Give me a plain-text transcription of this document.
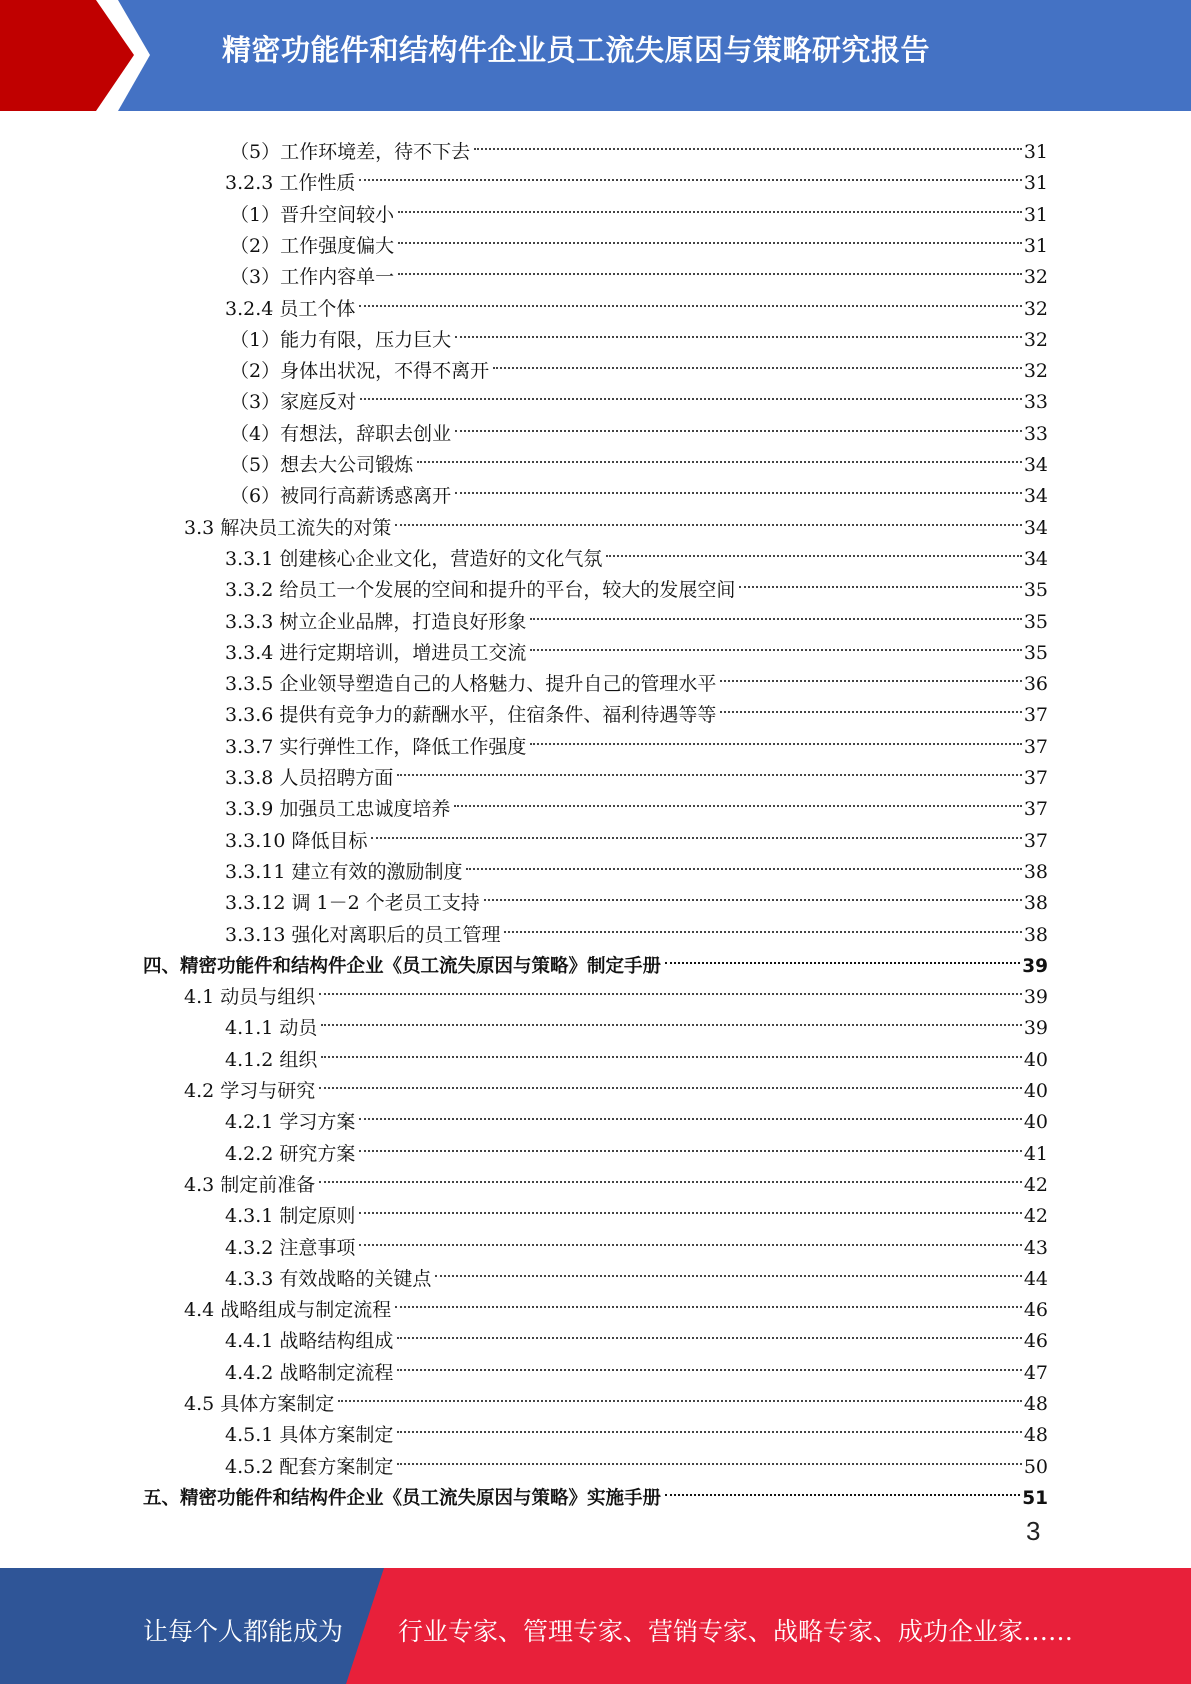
精密功能件和结构件企业员工流失原因与策略研究报告
（5）工作环境差，待不下去	31
3.2.3 工作性质	31
（1）晋升空间较小	31
（2）工作强度偏大	31
（3）工作内容单一	32
3.2.4 员工个体	32
（1）能力有限，压力巨大	32
（2）身体出状况，不得不离开	32
（3）家庭反对	33
（4）有想法，辞职去创业	33
（5）想去大公司锻炼	34
（6）被同行高薪诱惑离开	34
3.3 解决员工流失的对策	34
3.3.1 创建核心企业文化，营造好的文化气氛	34
3.3.2 给员工一个发展的空间和提升的平台，较大的发展空间	35
3.3.3 树立企业品牌，打造良好形象	35
3.3.4 进行定期培训，增进员工交流	35
3.3.5 企业领导塑造自己的人格魅力、提升自己的管理水平	36
3.3.6 提供有竞争力的薪酬水平，住宿条件、福利待遇等等	37
3.3.7 实行弹性工作，降低工作强度	37
3.3.8 人员招聘方面	37
3.3.9 加强员工忠诚度培养	37
3.3.10 降低目标	37
3.3.11 建立有效的激励制度	38
3.3.12 调 1－2 个老员工支持	38
3.3.13 强化对离职后的员工管理	38
四、精密功能件和结构件企业《员工流失原因与策略》制定手册	39
4.1 动员与组织	39
4.1.1 动员	39
4.1.2 组织	40
4.2 学习与研究	40
4.2.1 学习方案	40
4.2.2 研究方案	41
4.3 制定前准备	42
4.3.1 制定原则	42
4.3.2 注意事项	43
4.3.3 有效战略的关键点	44
4.4 战略组成与制定流程	46
4.4.1 战略结构组成	46
4.4.2 战略制定流程	47
4.5 具体方案制定	48
4.5.1 具体方案制定	48
4.5.2 配套方案制定	50
五、精密功能件和结构件企业《员工流失原因与策略》实施手册	51
3
让每个人都能成为 行业专家、管理专家、营销专家、战略专家、成功企业家……
